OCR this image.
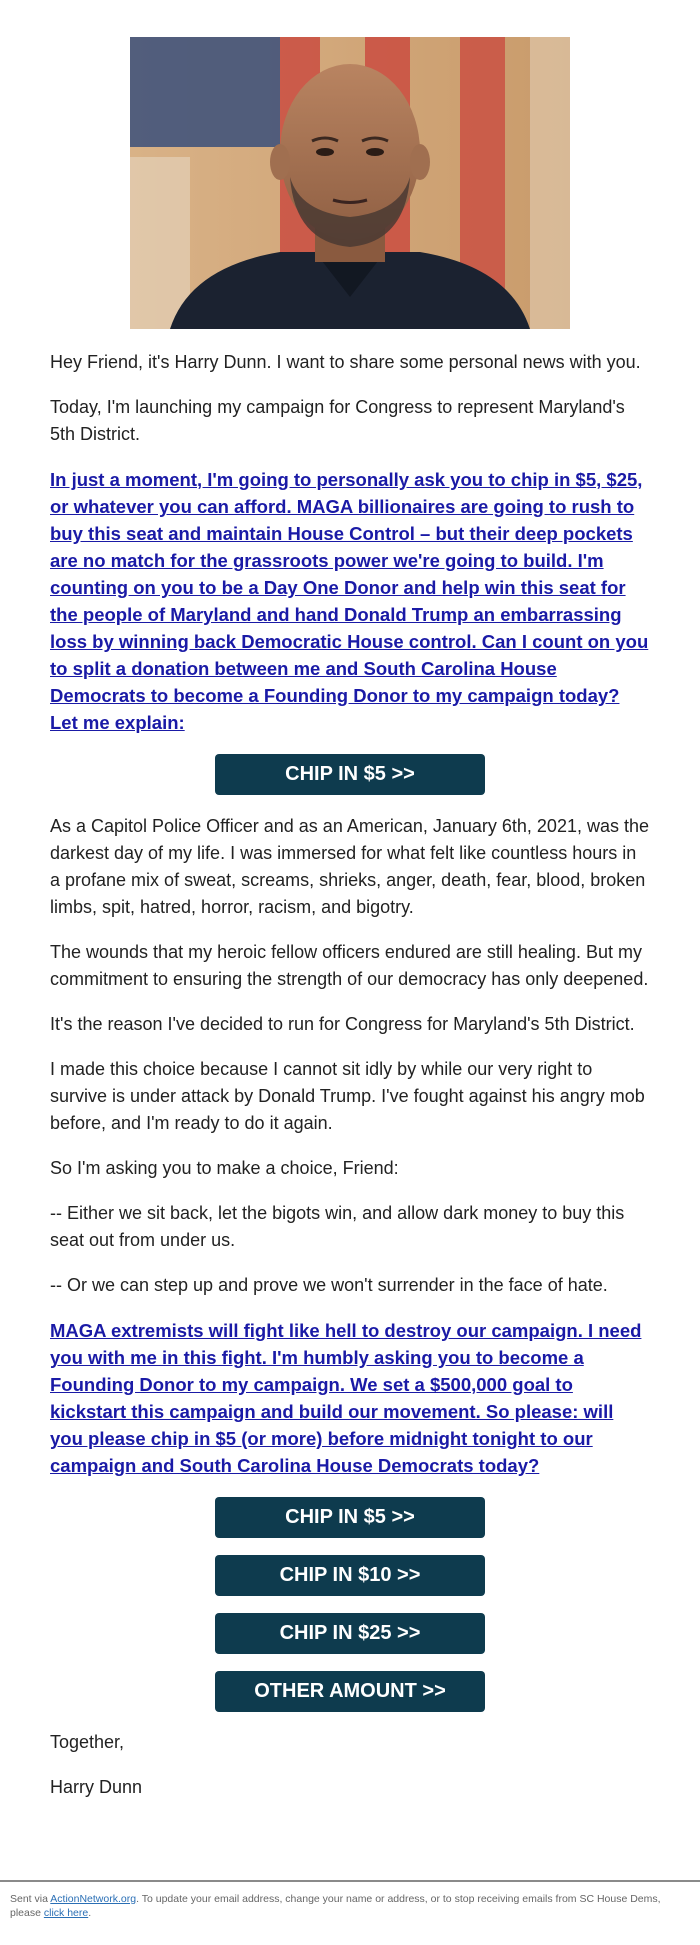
Hey Friend, it's Harry Dunn. I want to share some personal news with you.

Today, I'm launching my campaign for Congress to represent Maryland's 5th District.

In just a moment, I'm going to personally ask you to chip in $5, $25, or whatever you can afford. MAGA billionaires are going to rush to buy this seat and maintain House Control – but their deep pockets are no match for the grassroots power we're going to build. I'm counting on you to be a Day One Donor and help win this seat for the people of Maryland and hand Donald Trump an embarrassing loss by winning back Democratic House control. Can I count on you to split a donation between me and South Carolina House Democrats to become a Founding Donor to my campaign today? Let me explain:
CHIP IN $5 >>

As a Capitol Police Officer and as an American, January 6th, 2021, was the darkest day of my life. I was immersed for what felt like countless hours in a profane mix of sweat, screams, shrieks, anger, death, fear, blood, broken limbs, spit, hatred, horror, racism, and bigotry.

The wounds that my heroic fellow officers endured are still healing. But my commitment to ensuring the strength of our democracy has only deepened.

It's the reason I've decided to run for Congress for Maryland's 5th District.

I made this choice because I cannot sit idly by while our very right to survive is under attack by Donald Trump. I've fought against his angry mob before, and I'm ready to do it again.

So I'm asking you to make a choice, Friend:

-- Either we sit back, let the bigots win, and allow dark money to buy this seat out from under us.

-- Or we can step up and prove we won't surrender in the face of hate.

MAGA extremists will fight like hell to destroy our campaign. I need you with me in this fight. I'm humbly asking you to become a Founding Donor to my campaign. We set a $500,000 goal to kickstart this campaign and build our movement. So please: will you please chip in $5 (or more) before midnight tonight to our campaign and South Carolina House Democrats today?
CHIP IN $5 >>
CHIP IN $10 >>
CHIP IN $25 >>
OTHER AMOUNT >>

Together,

Harry Dunn

Sent via ActionNetwork.org. To update your email address, change your name or address, or to stop receiving emails from SC House Dems, please click here.
